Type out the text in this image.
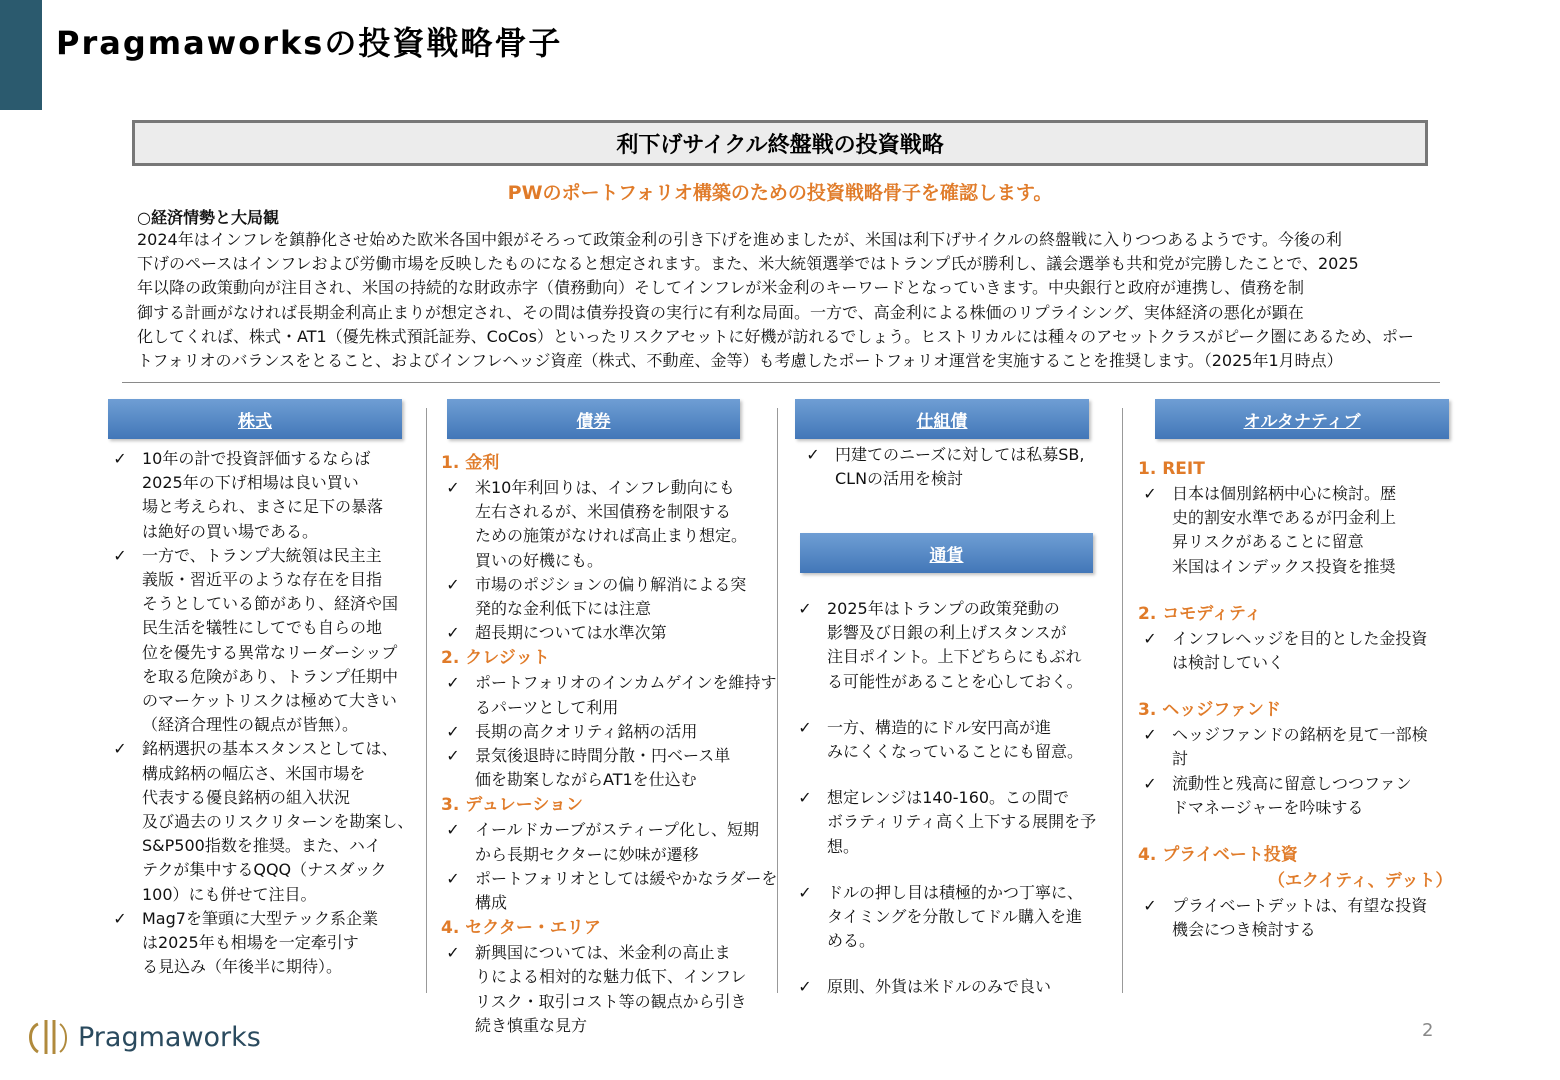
Pragmaworksの投資戦略骨子
利下げサイクル終盤戦の投資戦略
PWのポートフォリオ構築のための投資戦略骨子を確認します。
○経済情勢と大局観
2024年はインフレを鎮静化させ始めた欧米各国中銀がそろって政策金利の引き下げを進めましたが、米国は利下げサイクルの終盤戦に入りつつあるようです。今後の利
下げのペースはインフレおよび労働市場を反映したものになると想定されます。また、米大統領選挙ではトランプ氏が勝利し、議会選挙も共和党が完勝したことで、2025
年以降の政策動向が注目され、米国の持続的な財政赤字（債務動向）そしてインフレが米金利のキーワードとなっていきます。中央銀行と政府が連携し、債務を制
御する計画がなければ長期金利高止まりが想定され、その間は債券投資の実行に有利な局面。一方で、高金利による株価のリプライシング、実体経済の悪化が顕在
化してくれば、株式・AT1（優先株式預託証券、CoCos）といったリスクアセットに好機が訪れるでしょう。ヒストリカルには種々のアセットクラスがピーク圏にあるため、ポー
トフォリオのバランスをとること、およびインフレヘッジ資産（株式、不動産、金等）も考慮したポートフォリオ運営を実施することを推奨します。（2025年1月時点）
株式	債券	仕組債
通貨
オルタナティブ
✓ 10年の計で投資評価するならば
2025年の下げ相場は良い買い
場と考えられ、まさに足下の暴落
は絶好の買い場である。
✓ 一方で、トランプ大統領は民主主
義版・習近平のような存在を目指
そうとしている節があり、経済や国
民生活を犠牲にしてでも自らの地
位を優先する異常なリーダーシップ
を取る危険があり、トランプ任期中
のマーケットリスクは極めて大きい
（経済合理性の観点が皆無）。
✓ 銘柄選択の基本スタンスとしては、
構成銘柄の幅広さ、米国市場を
代表する優良銘柄の組入状況
及び過去のリスクリターンを勘案し、
S&P500指数を推奨。また、ハイ
テクが集中するQQQ（ナスダック
100）にも併せて注目。
✓ Mag7を筆頭に大型テック系企業
は2025年も相場を一定牽引す
る見込み（年後半に期待）。
1. 金利
✓ 米10年利回りは、インフレ動向にも
左右されるが、米国債務を制限する
ための施策がなければ高止まり想定。
買いの好機にも。
✓ 市場のポジションの偏り解消による突
発的な金利低下には注意
✓ 超長期については水準次第
2. クレジット
✓ ポートフォリオのインカムゲインを維持す
るパーツとして利用
✓ 長期の高クオリティ銘柄の活用
✓ 景気後退時に時間分散・円ベース単
価を勘案しながらAT1を仕込む
3. デュレーション
✓ イールドカーブがスティープ化し、短期
から長期セクターに妙味が遷移
✓ ポートフォリオとしては緩やかなラダーを
構成
4. セクター・エリア
✓ 新興国については、米金利の高止ま
りによる相対的な魅力低下、インフレ
リスク・取引コスト等の観点から引き
続き慎重な見方
✓ 円建てのニーズに対しては私募SB,
CLNの活用を検討
✓ 2025年はトランプの政策発動の
影響及び日銀の利上げスタンスが
注目ポイント。上下どちらにもぶれ
る可能性があることを心しておく。
✓ 一方、構造的にドル安円高が進
みにくくなっていることにも留意。
✓ 想定レンジは140-160。この間で
ボラティリティ高く上下する展開を予
想。
✓ ドルの押し目は積極的かつ丁寧に、
タイミングを分散してドル購入を進
める。
✓ 原則、外貨は米ドルのみで良い
1. REIT
✓ 日本は個別銘柄中心に検討。歴
史的割安水準であるが円金利上
昇リスクがあることに留意
米国はインデックス投資を推奨
2. コモディティ
✓ インフレヘッジを目的とした金投資
は検討していく
3. ヘッジファンド
✓ ヘッジファンドの銘柄を見て一部検
討
✓ 流動性と残高に留意しつつファン
ドマネージャーを吟味する
4. プライベート投資
（エクイティ、デット）
✓ プライベートデットは、有望な投資
機会につき検討する
Pragmaworks	2
